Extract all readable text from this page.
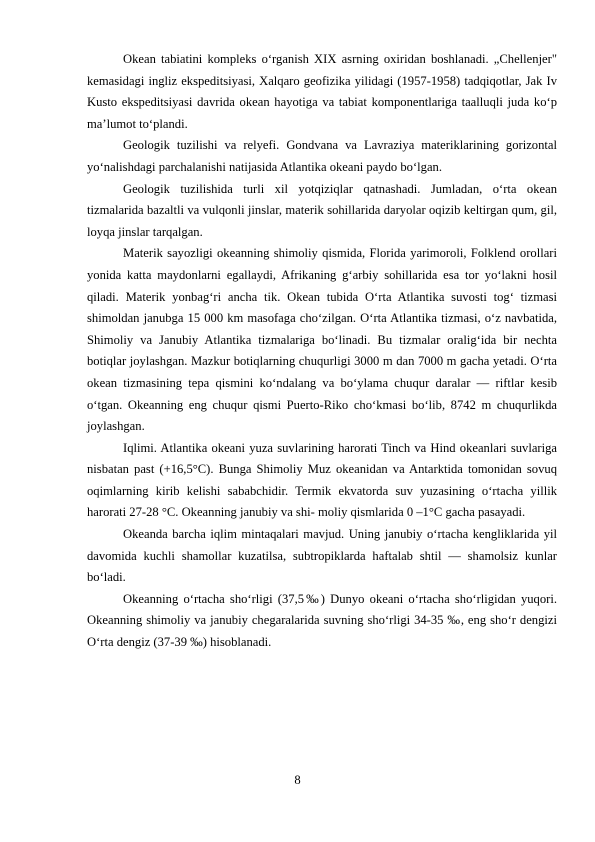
Okean tabiatini kompleks o‘rganish XIX asrning oxiridan boshlanadi. „Chellenjer" kemasidagi ingliz ekspeditsiyasi, Xalqaro geofizika yilidagi (1957-1958) tadqiqotlar, Jak Iv Kusto ekspeditsiyasi davrida okean hayotiga va tabiat komponentlariga taalluqli juda ko‘p ma’lumot to‘plandi.

Geologik tuzilishi va relyefi. Gondvana va Lavraziya materiklarining gorizontal yo‘nalishdagi parchalanishi natijasida Atlantika okeani paydo bo‘lgan.

Geologik tuzilishida turli xil yotqiziqlar qatnashadi. Jumladan, o‘rta okean tizmalarida bazaltli va vulqonli jinslar, materik sohillarida daryolar oqizib keltirgan qum, gil, loyqa jinslar tarqalgan.

Materik sayozligi okeanning shimoliy qismida, Florida yarimoroli, Folklend orollari yonida katta maydonlarni egallaydi, Afrikaning g‘arbiy sohillarida esa tor yo‘lakni hosil qiladi. Materik yonbag‘ri ancha tik. Okean tubida O‘rta Atlantika suvosti tog‘ tizmasi shimoldan janubga 15 000 km masofaga cho‘zilgan. O‘rta Atlantika tizmasi, o‘z navbatida, Shimoliy va Janubiy Atlantika tizmalariga bo‘linadi. Bu tizmalar oralig‘ida bir nechta botiqlar joylashgan. Mazkur botiqlarning chuqurligi 3000 m dan 7000 m gacha yetadi. O‘rta okean tizmasining tepa qismini ko‘ndalang va bo‘ylama chuqur daralar — riftlar kesib o‘tgan. Okeanning eng chuqur qismi Puerto-Riko cho‘kmasi bo‘lib, 8742 m chuqurlikda joylashgan.

Iqlimi. Atlantika okeani yuza suvlarining harorati Tinch va Hind okeanlari suvlariga nisbatan past (+16,5°C). Bunga Shimoliy Muz okeanidan va Antarktida tomonidan sovuq oqimlarning kirib kelishi sababchidir. Termik ekvatorda suv yuzasining o‘rtacha yillik harorati 27-28 °C. Okeanning janubiy va shi- moliy qismlarida 0 –1°C gacha pasayadi.

Okeanda barcha iqlim mintaqalari mavjud. Uning janubiy o‘rtacha kengliklarida yil davomida kuchli shamollar kuzatilsa, subtropiklarda haftalab shtil — shamolsiz kunlar bo‘ladi.

Okeanning o‘rtacha sho‘rligi (37,5‰) Dunyo okeani o‘rtacha sho‘rligidan yuqori. Okeanning shimoliy va janubiy chegaralarida suvning sho‘rligi 34-35 ‰, eng sho‘r dengizi O‘rta dengiz (37-39 ‰) hisoblanadi.

8
